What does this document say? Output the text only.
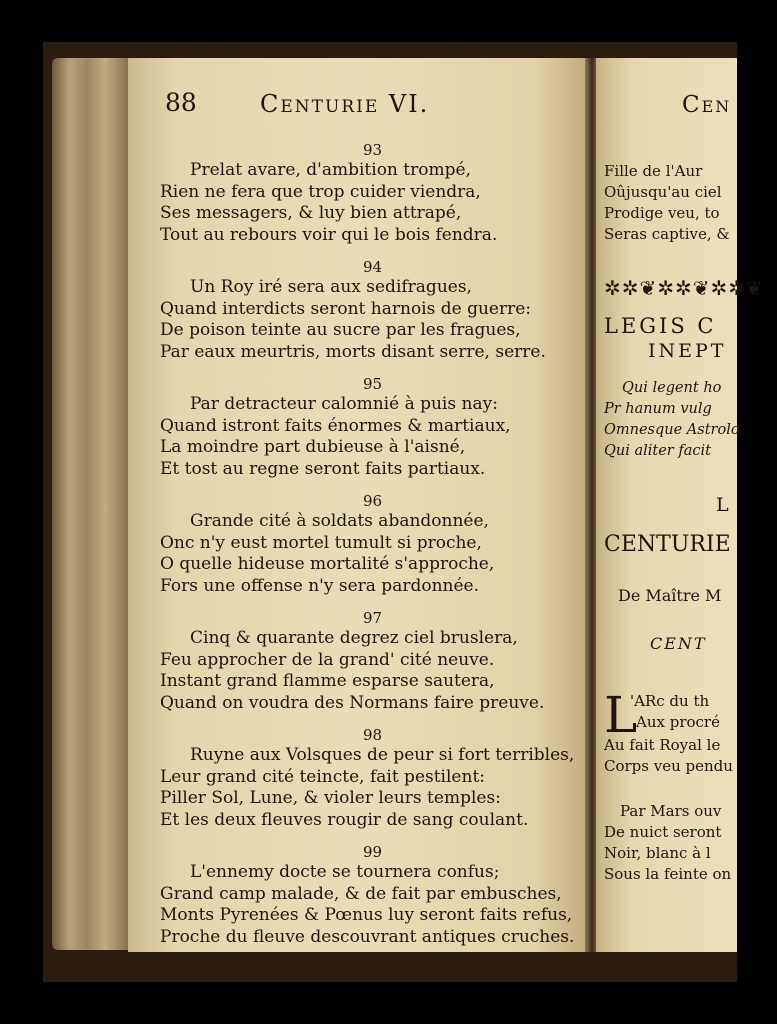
88	Centurie VI.
93
Prelat avare, d'ambition trompé,
Rien ne fera que trop cuider viendra,
Ses messagers, & luy bien attrapé,
Tout au rebours voir qui le bois fendra.
94
Un Roy iré sera aux sedifragues,
Quand interdicts seront harnois de guerre:
De poison teinte au sucre par les fragues,
Par eaux meurtris, morts disant serre, serre.
95
Par detracteur calomnié à puis nay:
Quand istront faits énormes & martiaux,
La moindre part dubieuse à l'aisné,
Et tost au regne seront faits partiaux.
96
Grande cité à soldats abandonnée,
Onc n'y eust mortel tumult si proche,
O quelle hideuse mortalité s'approche,
Fors une offense n'y sera pardonnée.
97
Cinq & quarante degrez ciel bruslera,
Feu approcher de la grand' cité neuve.
Instant grand flamme esparse sautera,
Quand on voudra des Normans faire preuve.
98
Ruyne aux Volsques de peur si fort terribles,
Leur grand cité teincte, fait pestilent:
Piller Sol, Lune, & violer leurs temples:
Et les deux fleuves rougir de sang coulant.
99
L'ennemy docte se tournera confus;
Grand camp malade, & de fait par embusches,
Monts Pyrenées & Pœnus luy seront faits refus,
Proche du fleuve descouvrant antiques cruches.
Cen
Fille de l'Aur
Oûjusqu'au ciel
Prodige veu, to
Seras captive, &
✲✲❦✲✲❦✲✲❦
LEGIS C
INEPT
Qui legent ho
Pr hanum vulg
Omnesque Astrolo
Qui aliter facit
L
CENTURIE
De Maître M
CENT
L
'ARc du th
Aux procré
Au fait Royal le
Corps veu pendu
Par Mars ouv
De nuict seront
Noir, blanc à l
Sous la feinte on
